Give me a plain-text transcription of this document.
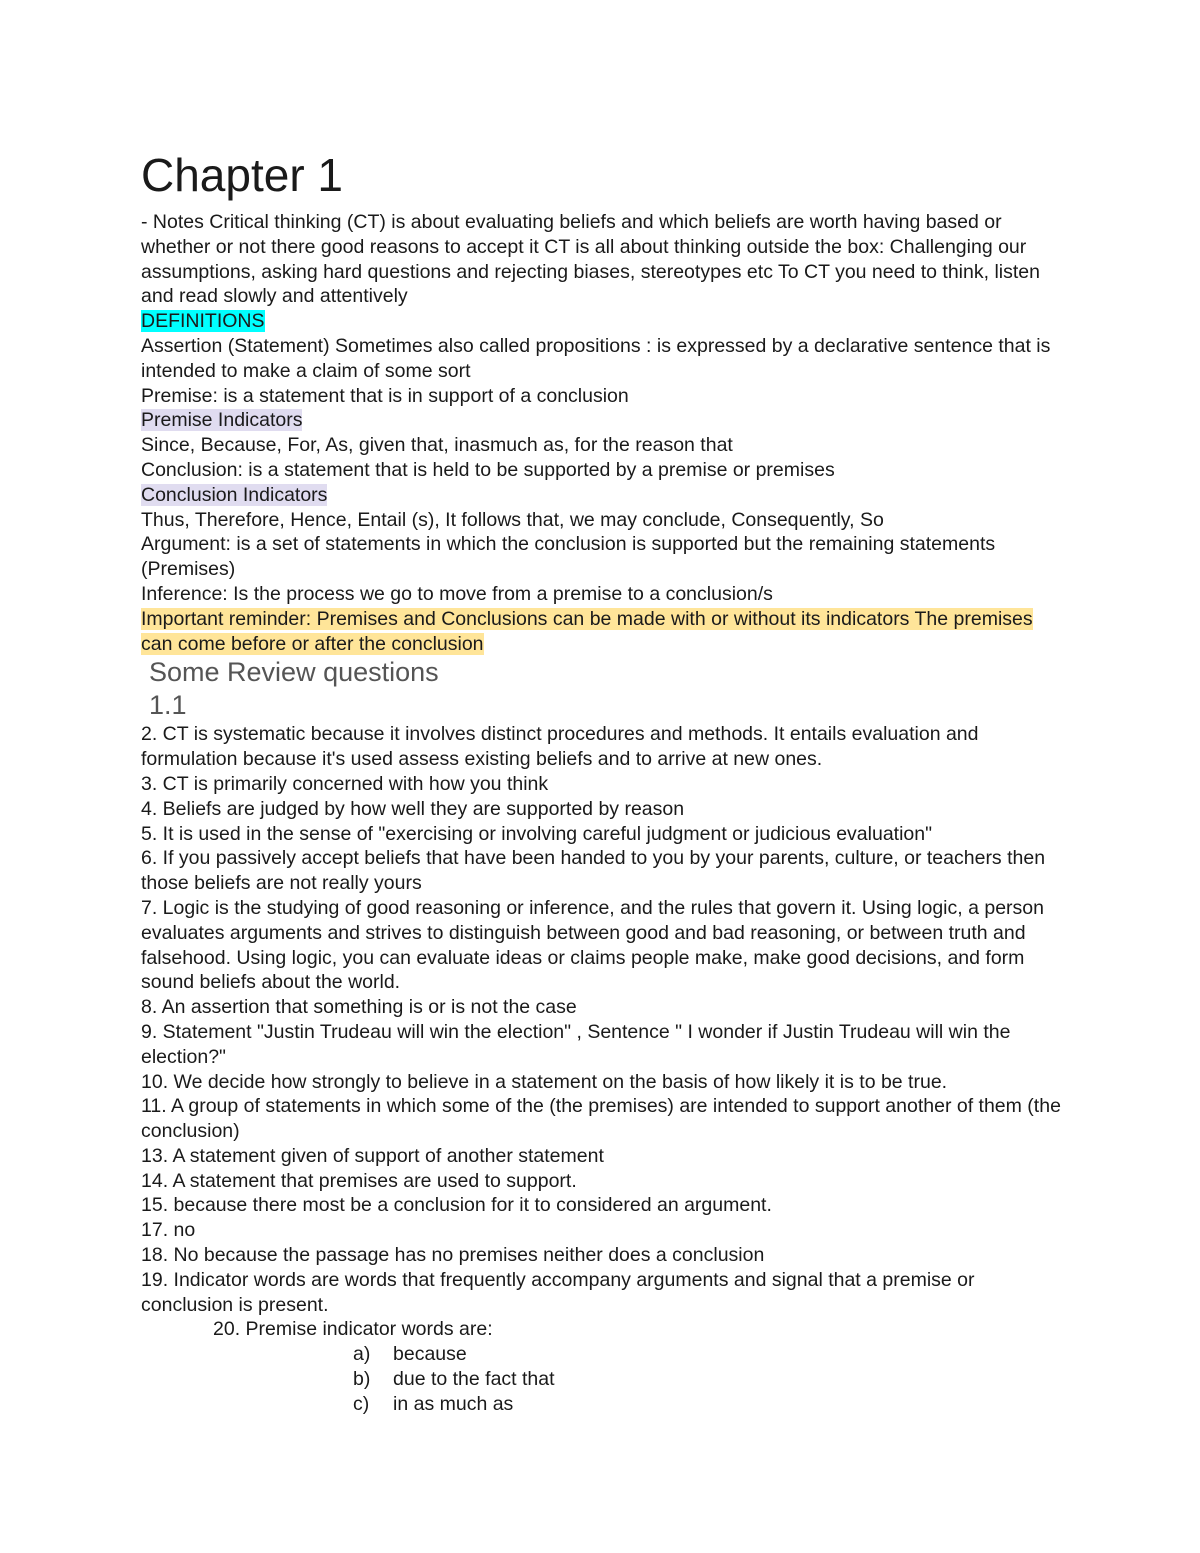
Chapter 1

- Notes Critical thinking (CT) is about evaluating beliefs and which beliefs are worth having based or whether or not there good reasons to accept it CT is all about thinking outside the box: Challenging our assumptions, asking hard questions and rejecting biases, stereotypes etc To CT you need to think, listen and read slowly and attentively

DEFINITIONS

Assertion (Statement) Sometimes also called propositions : is expressed by a declarative sentence that is intended to make a claim of some sort

Premise: is a statement that is in support of a conclusion

Premise Indicators

Since, Because, For, As, given that, inasmuch as, for the reason that

Conclusion: is a statement that is held to be supported by a premise or premises

Conclusion Indicators

Thus, Therefore, Hence, Entail (s), It follows that, we may conclude, Consequently, So

Argument: is a set of statements in which the conclusion is supported but the remaining statements (Premises)

Inference: Is the process we go to move from a premise to a conclusion/s

Important reminder: Premises and Conclusions can be made with or without its indicators The premises can come before or after the conclusion

Some Review questions
1.1

2. CT is systematic because it involves distinct procedures and methods. It entails evaluation and formulation because it's used assess existing beliefs and to arrive at new ones.

3. CT is primarily concerned with how you think

4. Beliefs are judged by how well they are supported by reason

5. It is used in the sense of "exercising or involving careful judgment or judicious evaluation"

6. If you passively accept beliefs that have been handed to you by your parents, culture, or teachers then those beliefs are not really yours

7. Logic is the studying of good reasoning or inference, and the rules that govern it. Using logic, a person evaluates arguments and strives to distinguish between good and bad reasoning, or between truth and falsehood. Using logic, you can evaluate ideas or claims people make, make good decisions, and form sound beliefs about the world.

8. An assertion that something is or is not the case

9. Statement "Justin Trudeau will win the election" , Sentence " I wonder if Justin Trudeau will win the election?"

10. We decide how strongly to believe in a statement on the basis of how likely it is to be true.

11. A group of statements in which some of the (the premises) are intended to support another of them (the conclusion)

13. A statement given of support of another statement

14. A statement that premises are used to support.

15. because there most be a conclusion for it to considered an argument.

17. no

18. No because the passage has no premises neither does a conclusion

19. Indicator words are words that frequently accompany arguments and signal that a premise or conclusion is present.

20. Premise indicator words are:

a) because

b) due to the fact that

c) in as much as
